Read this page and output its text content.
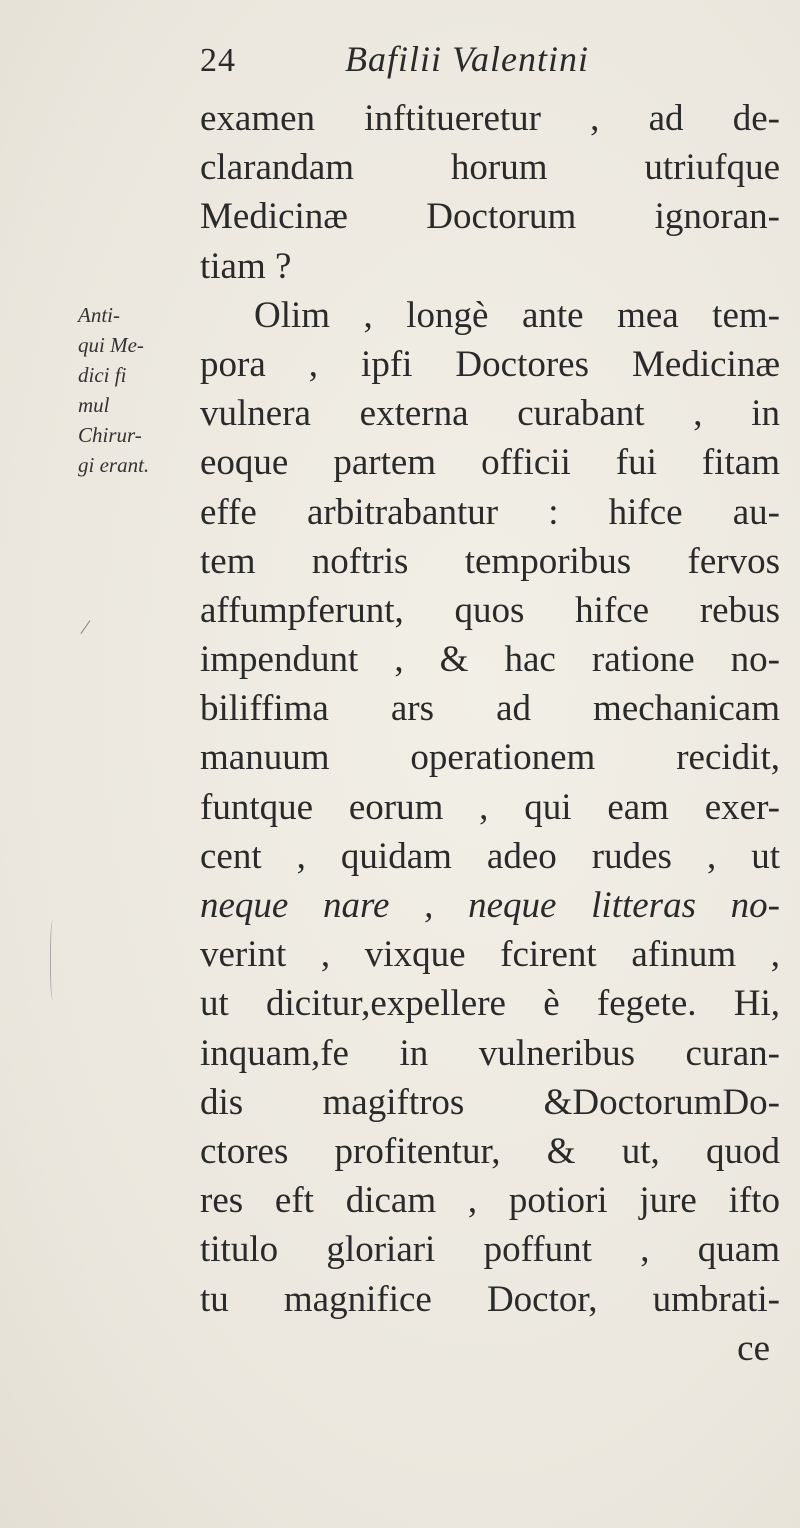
24	Bafilii Valentini
Anti-
qui Me-
dici fi
mul
Chirur-
gi erant.
examen inftitueretur , ad de-
clarandam horum utriufque
Medicinæ Doctorum ignoran-
tiam ?
Olim , longè ante mea tem-
pora , ipfi Doctores Medicinæ
vulnera externa curabant , in
eoque partem officii fui fitam
effe arbitrabantur : hifce au-
tem noftris temporibus fervos
affumpferunt, quos hifce rebus
impendunt , & hac ratione no-
biliffima ars ad mechanicam
manuum operationem recidit,
funtque eorum , qui eam exer-
cent , quidam adeo rudes , ut
neque nare , neque litteras no-
verint , vixque fcirent afinum ,
ut dicitur,expellere è fegete. Hi,
inquam,fe in vulneribus curan-
dis magiftros &DoctorumDo-
ctores profitentur, & ut, quod
res eft dicam , potiori jure ifto
titulo gloriari poffunt , quam
tu magnifice Doctor, umbrati-
ce
